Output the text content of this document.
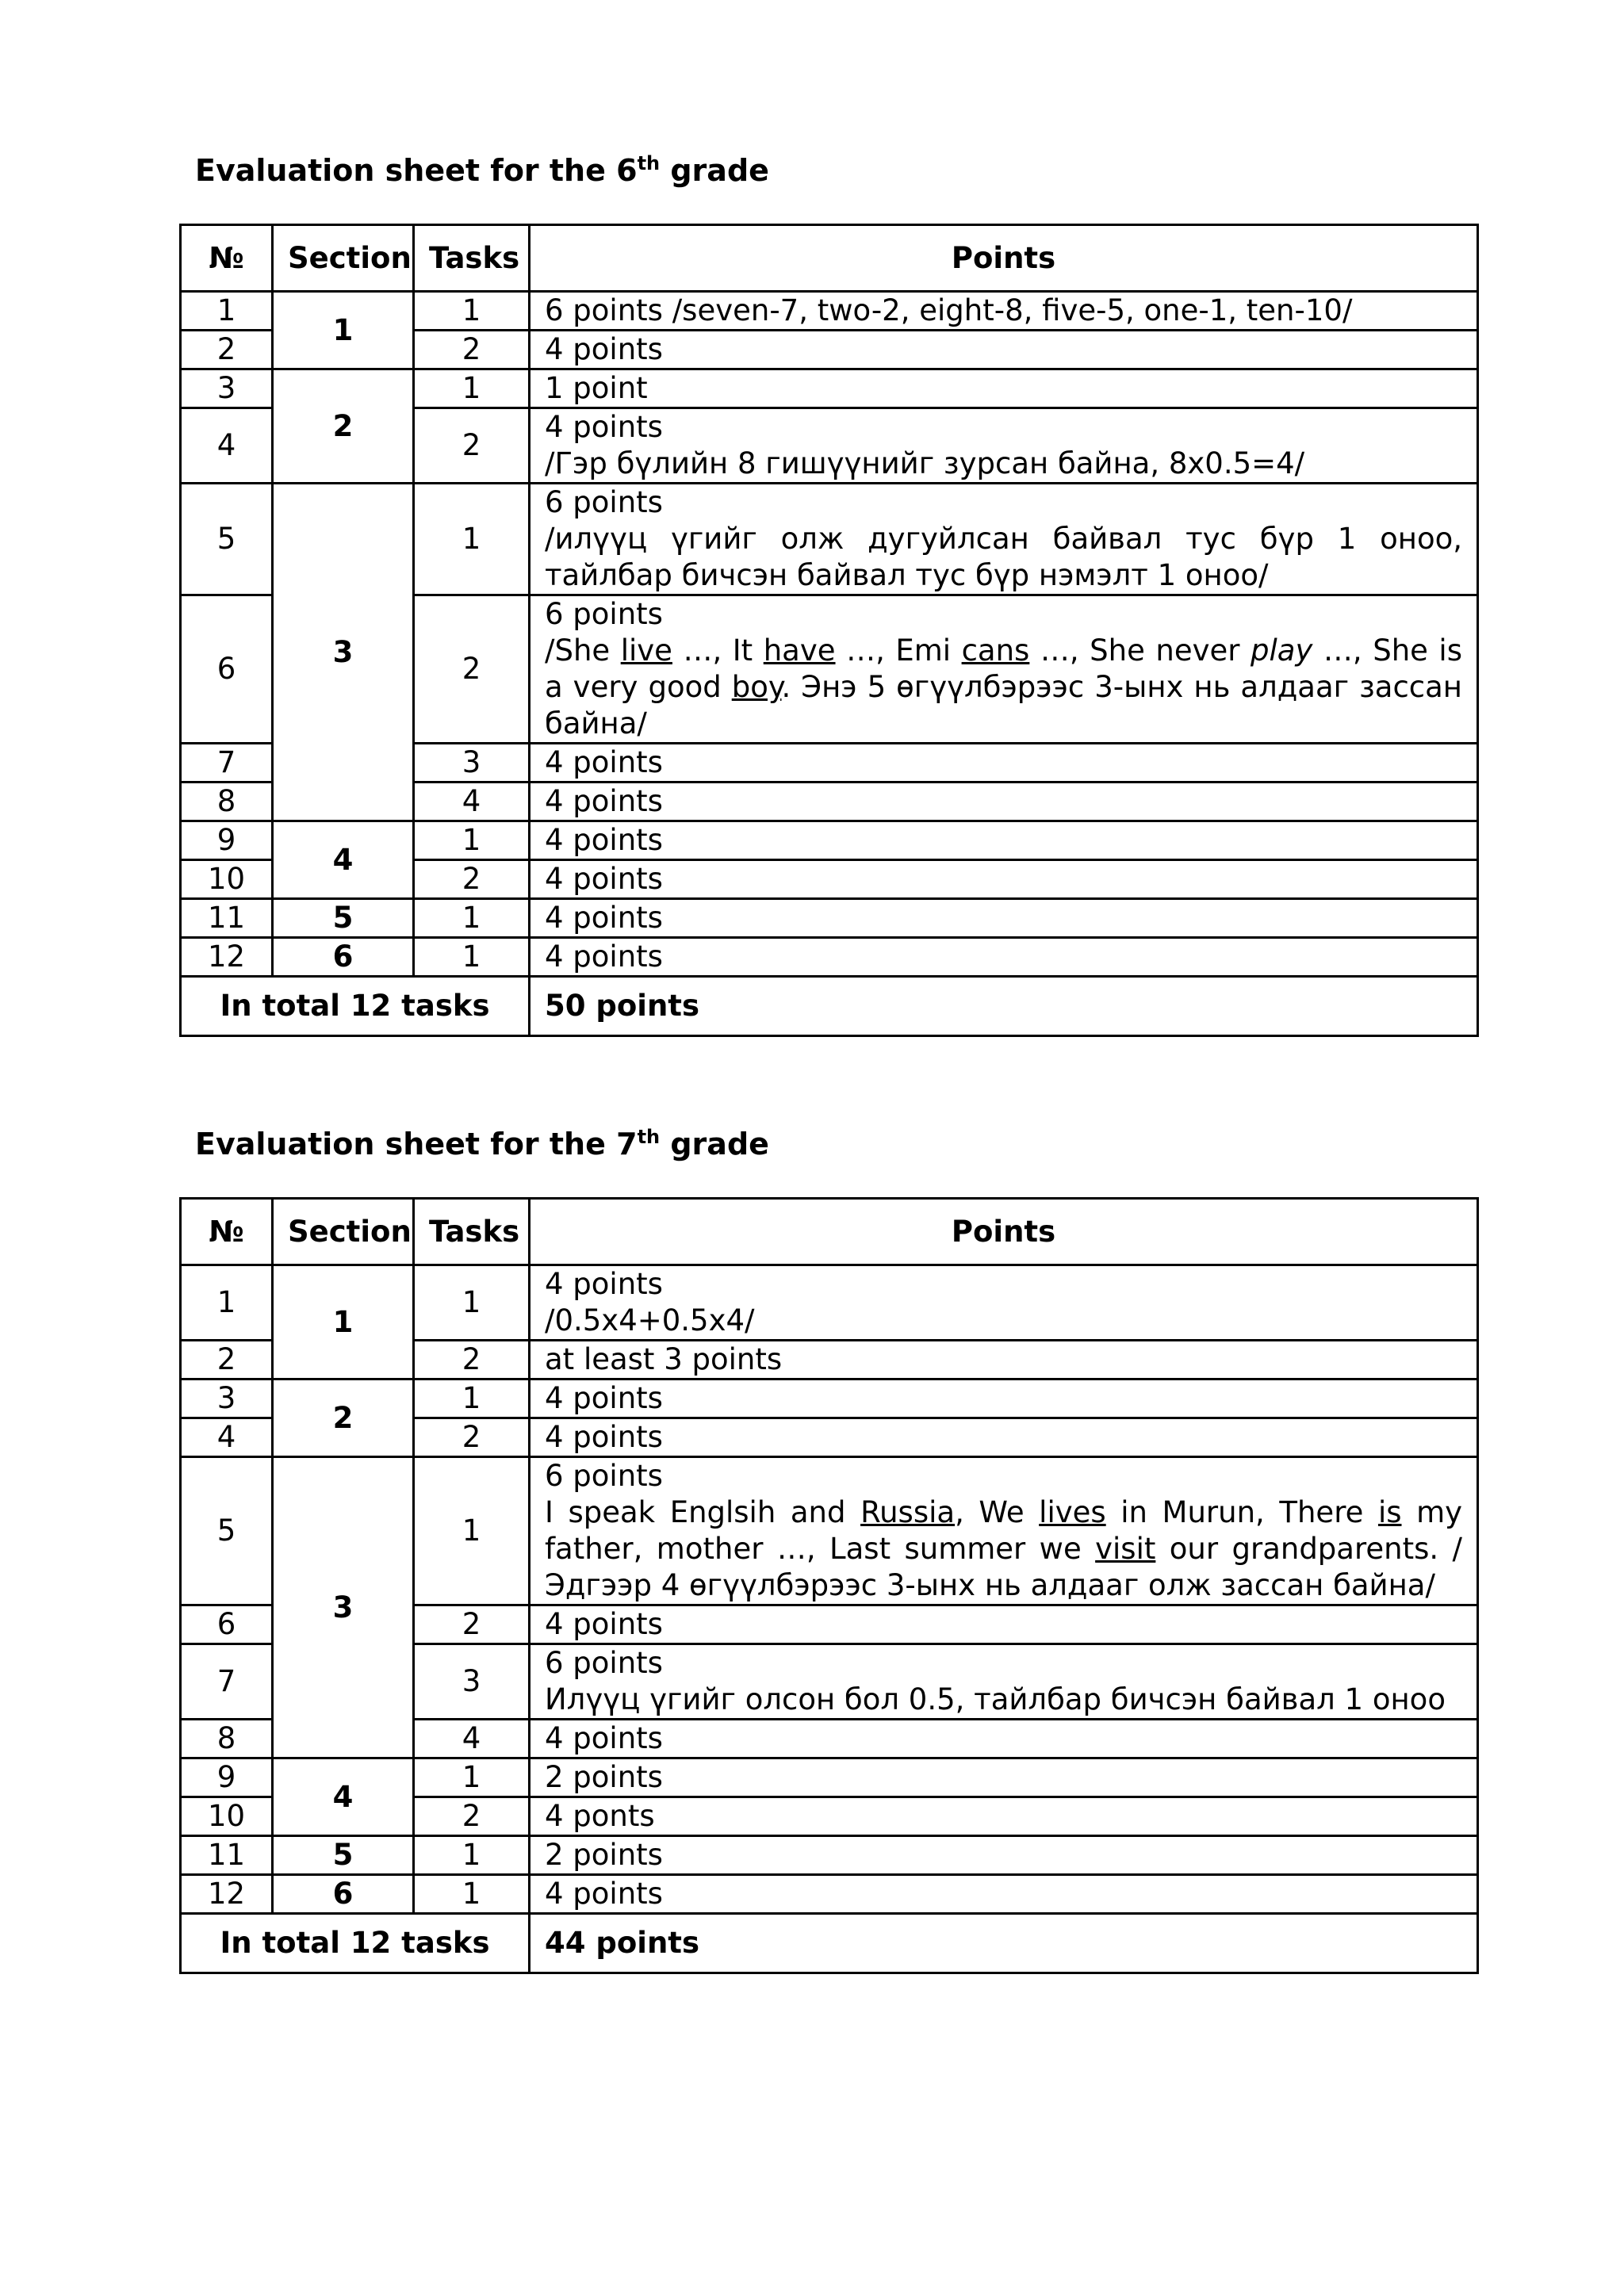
Evaluation sheet for the 6th grade
№	Section	Tasks	Points
1	1	1	6 points /seven-7, two-2, eight-8, five-5, one-1, ten-10/
2		2	4 points
3	2	1	1 point
4		2	4 points
/Гэр бүлийн 8 гишүүнийг зурсан байна, 8x0.5=4/

5	3	1	6 points
/илүүц үгийг олж дугуйлсан байвал тус бүр 1 оноо, тайлбар бичсэн байвал тус бүр нэмэлт 1 оноо/

6		2	6 points
/She live …, It have …, Emi cans …, She never play …, She is a very good boy. Энэ 5 өгүүлбэрээс 3-ынх нь алдааг зассан байна/

7		3	4 points
8		4	4 points
9	4	1	4 points
10		2	4 points
11	5	1	4 points
12	6	1	4 points
In total 12 tasks			50 points
Evaluation sheet for the 7th grade
№	Section	Tasks	Points
1	1	1	4 points
/0.5x4+0.5x4/

2		2	at least 3 points
3	2	1	4 points
4		2	4 points
5	3	1	6 points
I speak Englsih and Russia, We lives in Murun, There is my father, mother …, Last summer we visit our grandparents. /Эдгээр 4 өгүүлбэрээс 3-ынх нь алдааг олж зассан байна/

6		2	4 points
7		3	6 points
Илүүц үгийг олсон бол 0.5, тайлбар бичсэн байвал 1 оноо

8		4	4 points
9	4	1	2 points
10		2	4 ponts
11	5	1	2 points
12	6	1	4 points
In total 12 tasks			44 points
